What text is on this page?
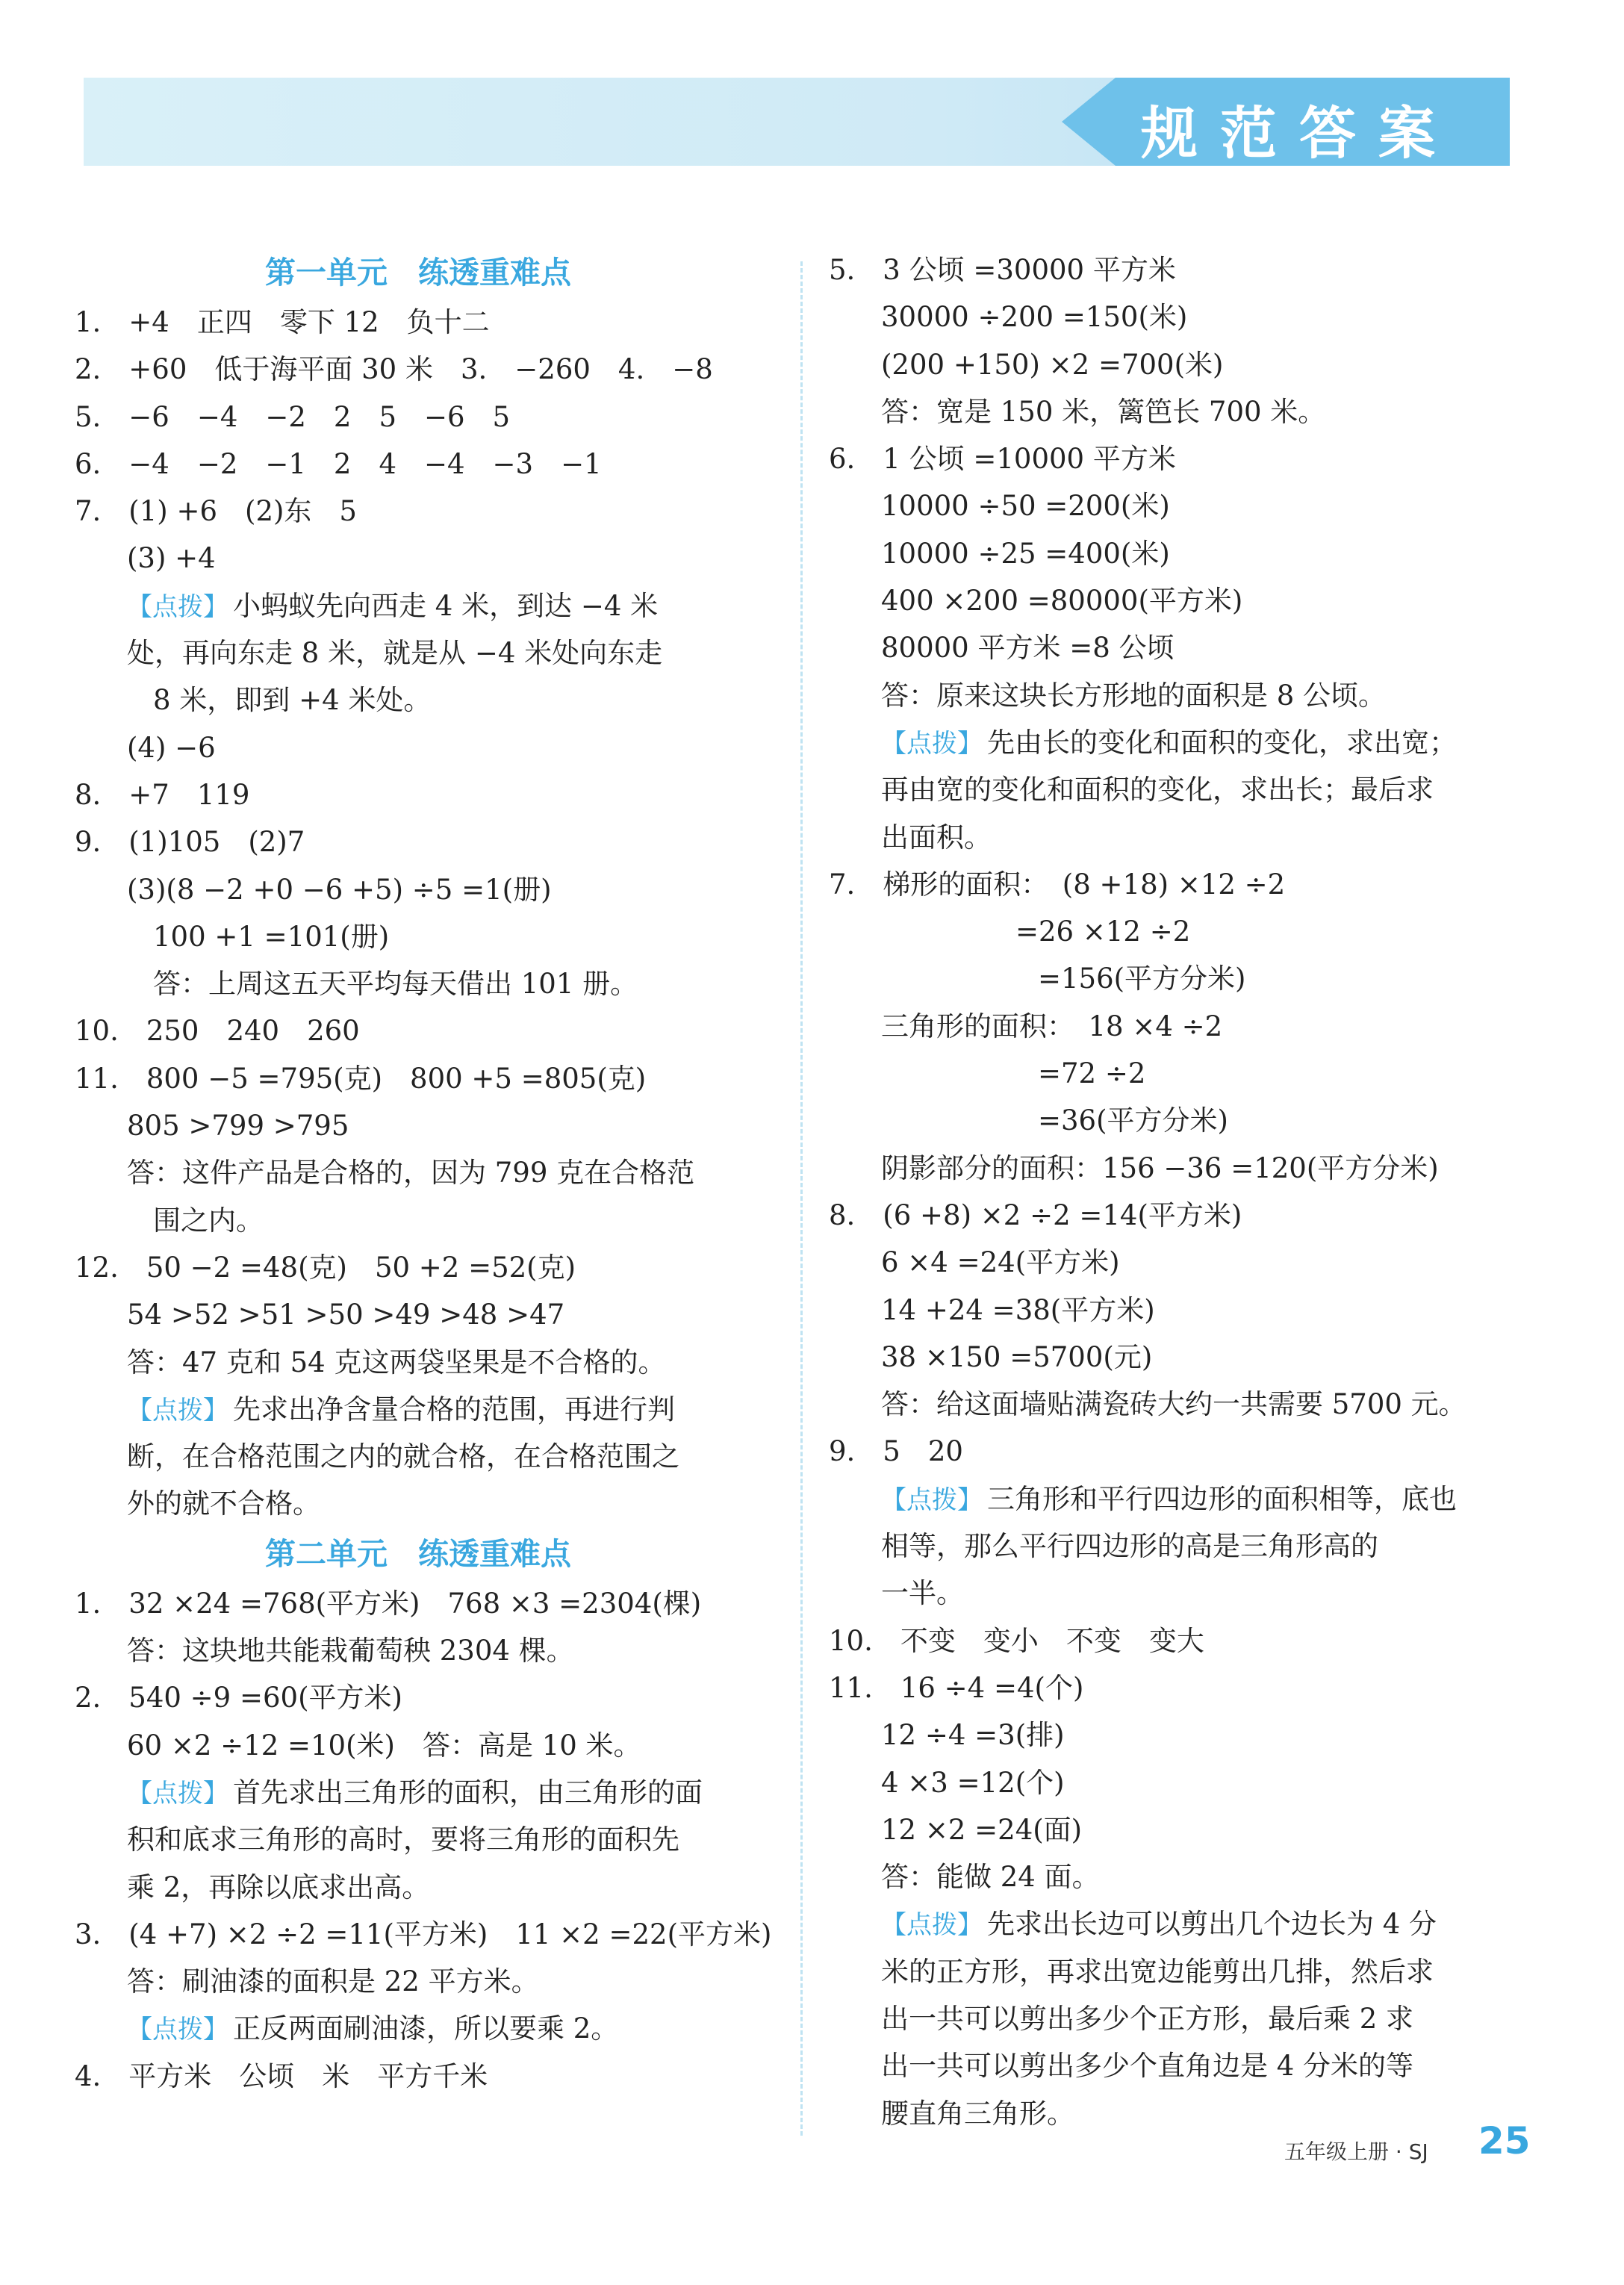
规范答案
第一单元　练透重难点
1.　+4　正四　零下 12　负十二
2.　+60　低于海平面 30 米　3.　−260　4.　−8
5.　−6　−4　−2　2　5　−6　5
6.　−4　−2　−1　2　4　−4　−3　−1
7.　(1) +6　(2)东　5
(3) +4
【点拨】 小蚂蚁先向西走 4 米，到达 −4 米
处，再向东走 8 米，就是从 −4 米处向东走
8 米，即到 +4 米处。
(4) −6
8.　+7　119
9.　(1)105　(2)7
(3)(8 −2 +0 −6 +5) ÷5 =1(册)
100 +1 =101(册)
答：上周这五天平均每天借出 101 册。
10.　250　240　260
11.　800 −5 =795(克)　800 +5 =805(克)
805 >799 >795
答：这件产品是合格的，因为 799 克在合格范
围之内。
12.　50 −2 =48(克)　50 +2 =52(克)
54 >52 >51 >50 >49 >48 >47
答：47 克和 54 克这两袋坚果是不合格的。
【点拨】 先求出净含量合格的范围，再进行判
断，在合格范围之内的就合格，在合格范围之
外的就不合格。
第二单元　练透重难点
1.　32 ×24 =768(平方米)　768 ×3 =2304(棵)
答：这块地共能栽葡萄秧 2304 棵。
2.　540 ÷9 =60(平方米)
60 ×2 ÷12 =10(米)　答：高是 10 米。
【点拨】 首先求出三角形的面积，由三角形的面
积和底求三角形的高时，要将三角形的面积先
乘 2，再除以底求出高。
3.　(4 +7) ×2 ÷2 =11(平方米)　11 ×2 =22(平方米)
答：刷油漆的面积是 22 平方米。
【点拨】 正反两面刷油漆，所以要乘 2。
4.　平方米　公顷　米　平方千米
5.　3 公顷 =30000 平方米
30000 ÷200 =150(米)
(200 +150) ×2 =700(米)
答：宽是 150 米，篱笆长 700 米。
6.　1 公顷 =10000 平方米
10000 ÷50 =200(米)
10000 ÷25 =400(米)
400 ×200 =80000(平方米)
80000 平方米 =8 公顷
答：原来这块长方形地的面积是 8 公顷。
【点拨】 先由长的变化和面积的变化，求出宽；
再由宽的变化和面积的变化，求出长；最后求
出面积。
7.　梯形的面积：　(8 +18) ×12 ÷2
=26 ×12 ÷2
=156(平方分米)
三角形的面积：　18 ×4 ÷2
=72 ÷2
=36(平方分米)
阴影部分的面积：156 −36 =120(平方分米)
8.　(6 +8) ×2 ÷2 =14(平方米)
6 ×4 =24(平方米)
14 +24 =38(平方米)
38 ×150 =5700(元)
答：给这面墙贴满瓷砖大约一共需要 5700 元。
9.　5　20
【点拨】 三角形和平行四边形的面积相等，底也
相等，那么平行四边形的高是三角形高的
一半。
10.　不变　变小　不变　变大
11.　16 ÷4 =4(个)
12 ÷4 =3(排)
4 ×3 =12(个)
12 ×2 =24(面)
答：能做 24 面。
【点拨】 先求出长边可以剪出几个边长为 4 分
米的正方形，再求出宽边能剪出几排，然后求
出一共可以剪出多少个正方形，最后乘 2 求
出一共可以剪出多少个直角边是 4 分米的等
腰直角三角形。
五年级上册 · SJ 25
